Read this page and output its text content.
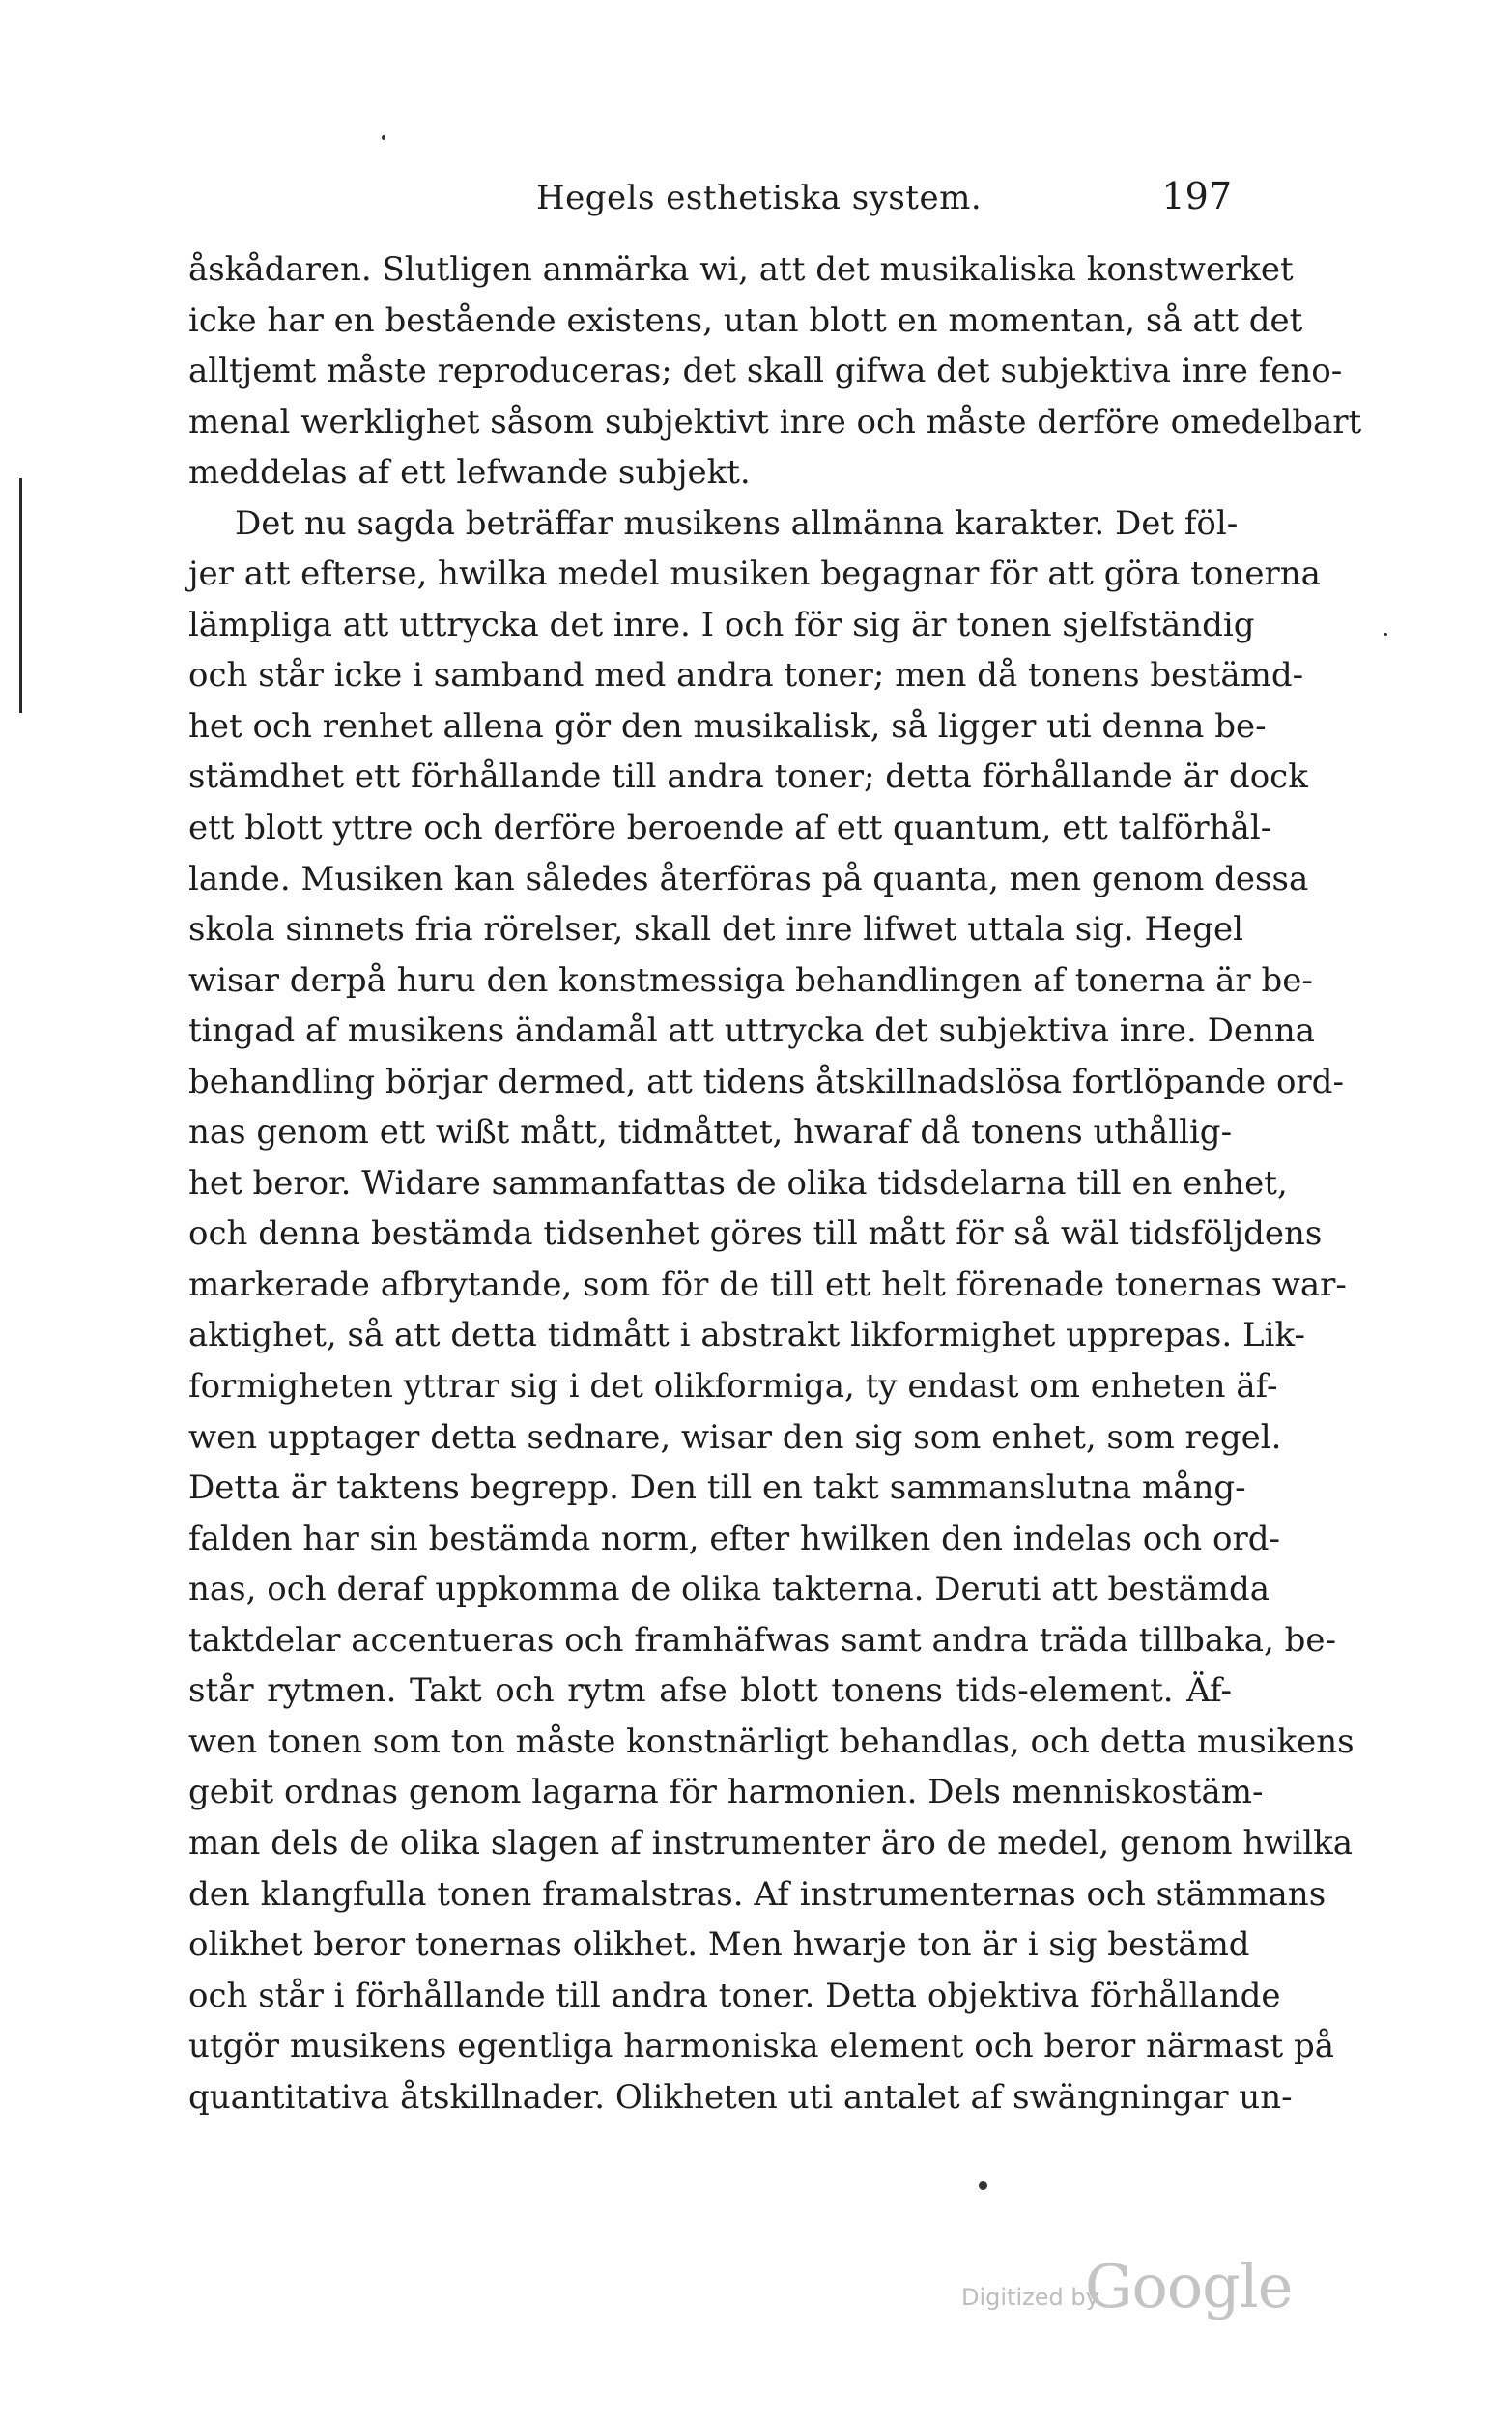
Hegels esthetiska system.	197
åskådaren. Slutligen anmärka wi, att det musikaliska konstwerket
icke har en bestående existens, utan blott en momentan, så att det
alltjemt måste reproduceras; det skall gifwa det subjektiva inre feno-
menal werklighet såsom subjektivt inre och måste derföre omedelbart
meddelas af ett lefwande subjekt.
Det nu sagda beträffar musikens allmänna karakter. Det föl-
jer att efterse, hwilka medel musiken begagnar för att göra tonerna
lämpliga att uttrycka det inre. I och för sig är tonen sjelfständig
och står icke i samband med andra toner; men då tonens bestämd-
het och renhet allena gör den musikalisk, så ligger uti denna be-
stämdhet ett förhållande till andra toner; detta förhållande är dock
ett blott yttre och derföre beroende af ett quantum, ett talförhål-
lande. Musiken kan således återföras på quanta, men genom dessa
skola sinnets fria rörelser, skall det inre lifwet uttala sig. Hegel
wisar derpå huru den konstmessiga behandlingen af tonerna är be-
tingad af musikens ändamål att uttrycka det subjektiva inre. Denna
behandling börjar dermed, att tidens åtskillnadslösa fortlöpande ord-
nas genom ett wißt mått, tidmåttet, hwaraf då tonens uthållig-
het beror. Widare sammanfattas de olika tidsdelarna till en enhet,
och denna bestämda tidsenhet göres till mått för så wäl tidsföljdens
markerade afbrytande, som för de till ett helt förenade tonernas war-
aktighet, så att detta tidmått i abstrakt likformighet upprepas. Lik-
formigheten yttrar sig i det olikformiga, ty endast om enheten äf-
wen upptager detta sednare, wisar den sig som enhet, som regel.
Detta är taktens begrepp. Den till en takt sammanslutna mång-
falden har sin bestämda norm, efter hwilken den indelas och ord-
nas, och deraf uppkomma de olika takterna. Deruti att bestämda
taktdelar accentueras och framhäfwas samt andra träda tillbaka, be-
står rytmen. Takt och rytm afse blott tonens tids-element. Äf-
wen tonen som ton måste konstnärligt behandlas, och detta musikens
gebit ordnas genom lagarna för harmonien. Dels menniskostäm-
man dels de olika slagen af instrumenter äro de medel, genom hwilka
den klangfulla tonen framalstras. Af instrumenternas och stämmans
olikhet beror tonernas olikhet. Men hwarje ton är i sig bestämd
och står i förhållande till andra toner. Detta objektiva förhållande
utgör musikens egentliga harmoniska element och beror närmast på
quantitativa åtskillnader. Olikheten uti antalet af swängningar un-
Digitized by
Google
